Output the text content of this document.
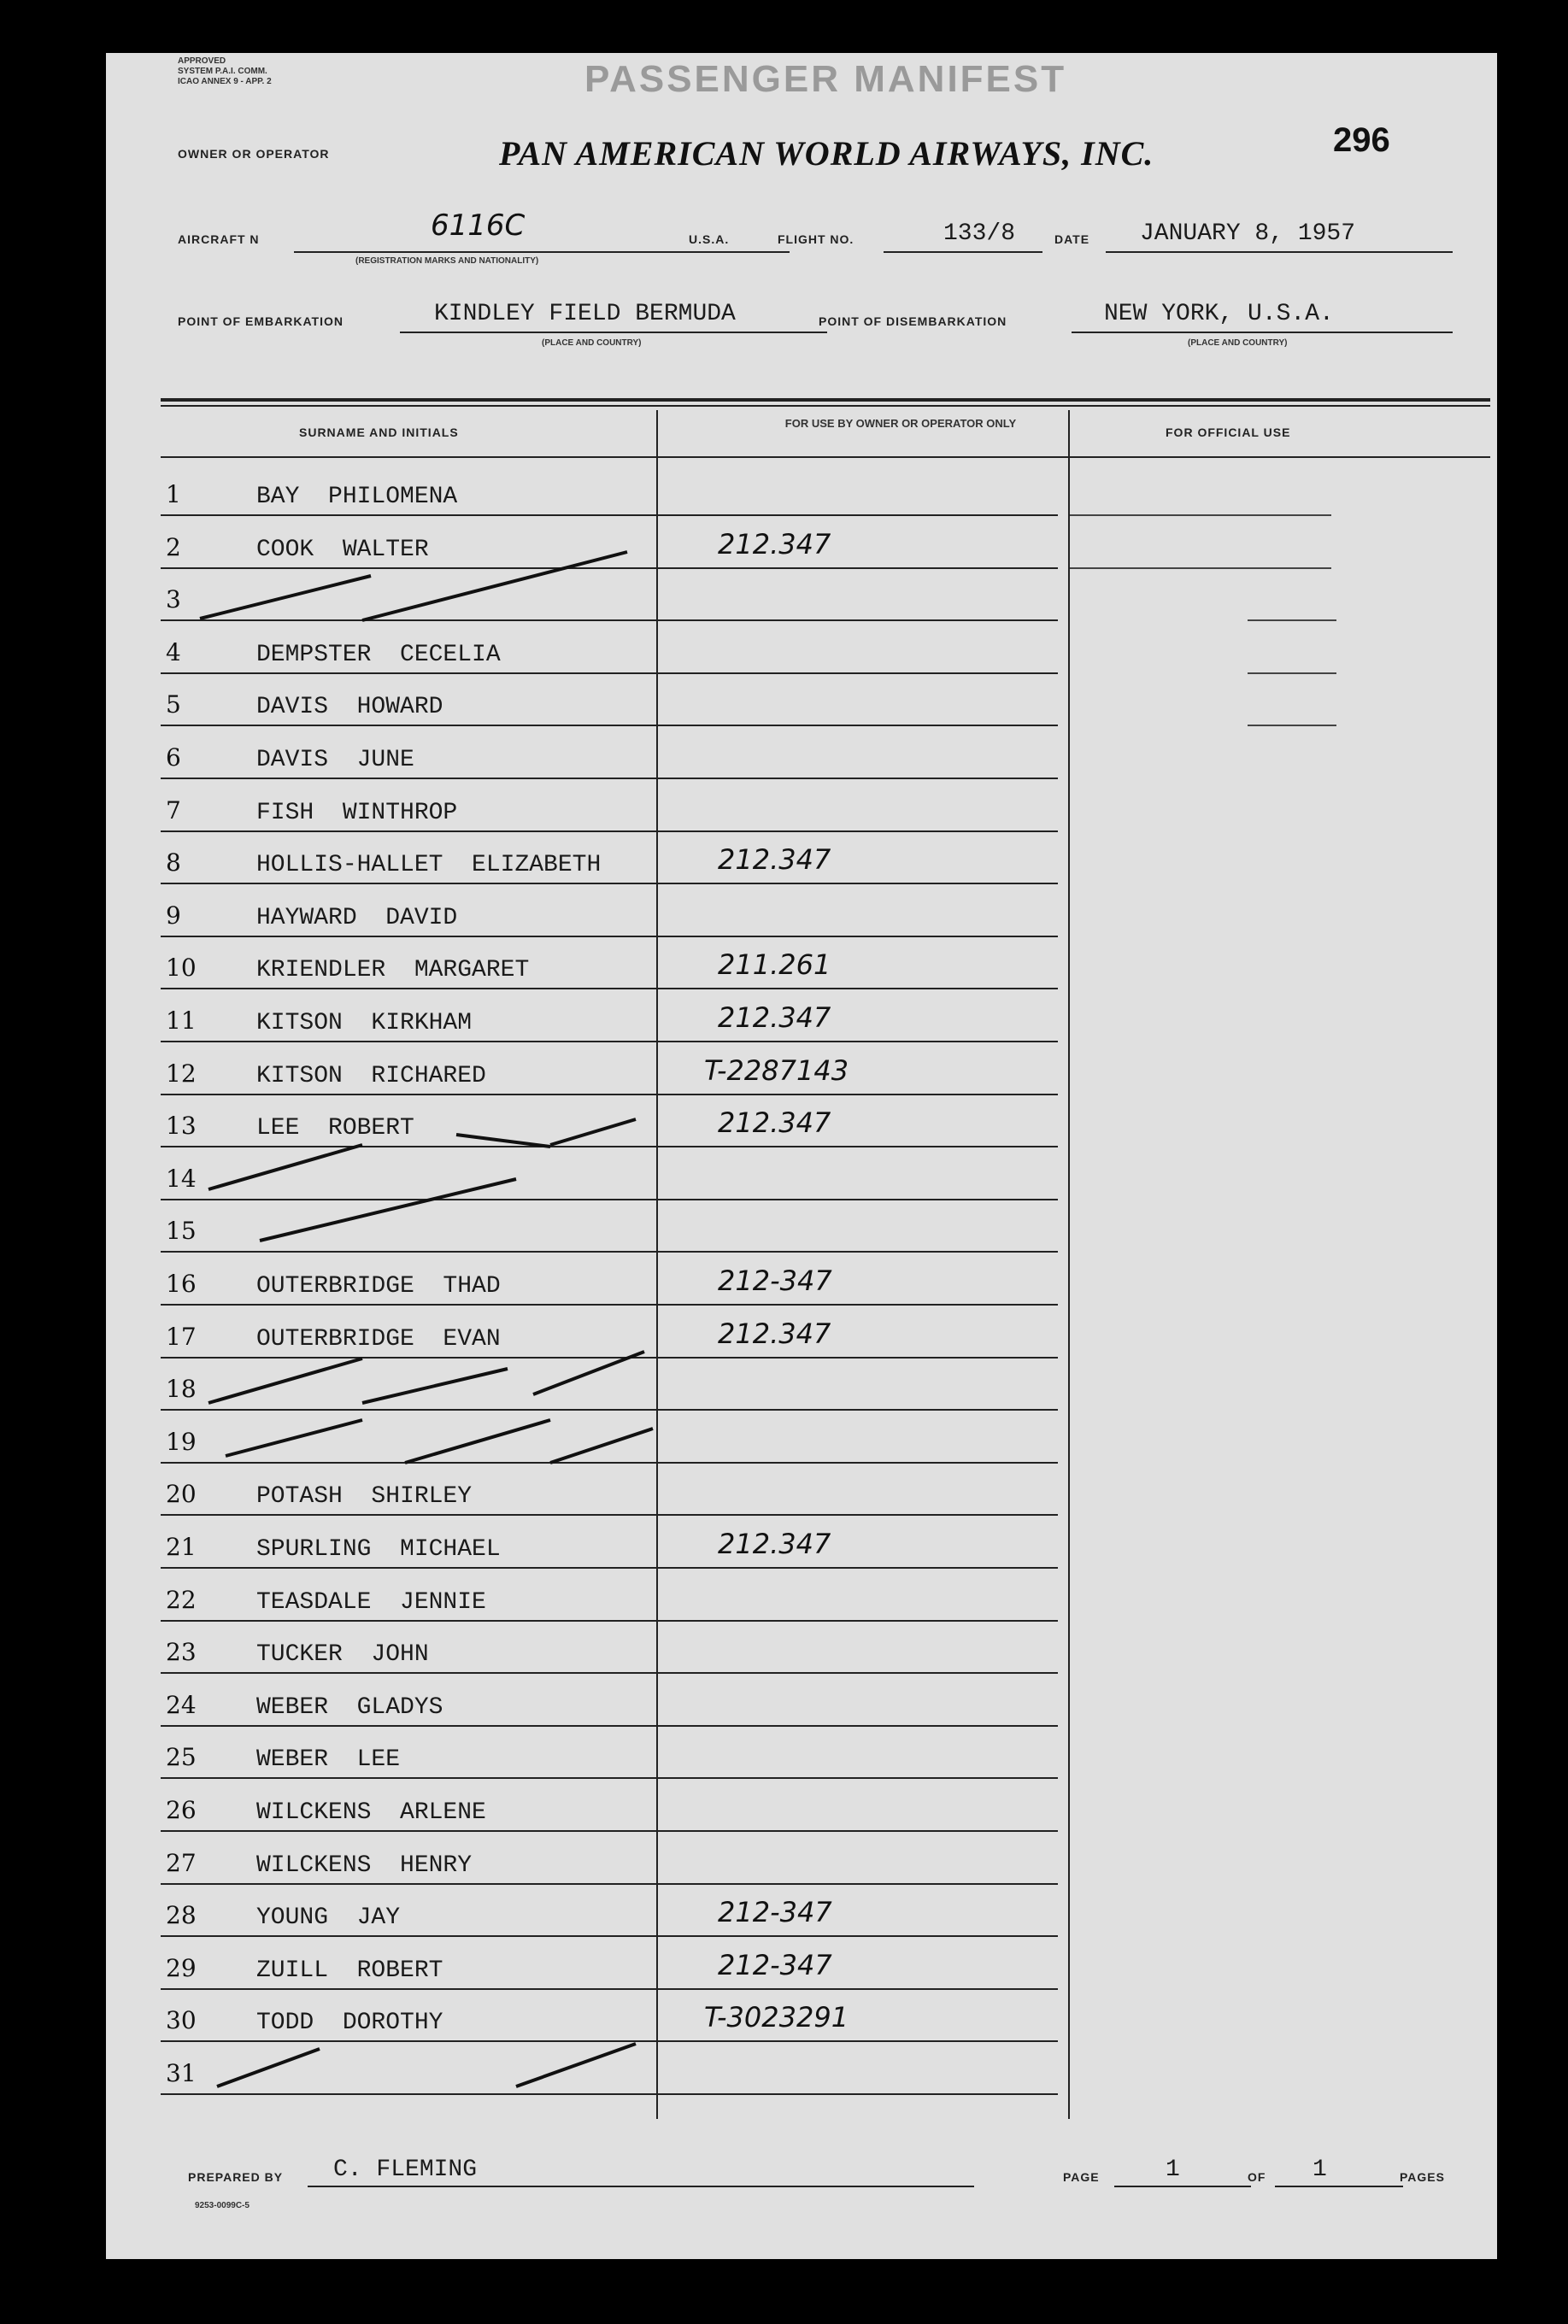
APPROVED
SYSTEM P.A.I. COMM.
ICAO ANNEX 9 - APP. 2	PASSENGER MANIFEST
296
OWNER OR OPERATOR	PAN AMERICAN WORLD AIRWAYS, INC.
AIRCRAFT N	6116C
(REGISTRATION MARKS AND NATIONALITY)
U.S.A.	FLIGHT NO.	133/8	DATE JANUARY 8, 1957
POINT OF EMBARKATION	KINDLEY FIELD BERMUDA
(PLACE AND COUNTRY)
POINT OF DISEMBARKATION	NEW YORK, U.S.A.
(PLACE AND COUNTRY)
SURNAME AND INITIALS
FOR USE BY OWNER OR OPERATOR ONLY
FOR OFFICIAL USE
1	BAY  PHILOMENA
2	COOK  WALTER	212.347
3
4	DEMPSTER  CECELIA
5	DAVIS  HOWARD
6	DAVIS  JUNE
7	FISH  WINTHROP
8	HOLLIS-HALLET  ELIZABETH	212.347
9	HAYWARD  DAVID
10	KRIENDLER  MARGARET	211.261
11	KITSON  KIRKHAM	212.347
12	KITSON  RICHARED	T-2287143
13	LEE  ROBERT	212.347
14
15
16	OUTERBRIDGE  THAD	212-347
17	OUTERBRIDGE  EVAN	212.347
18
19
20	POTASH  SHIRLEY
21	SPURLING  MICHAEL	212.347
22	TEASDALE  JENNIE
23	TUCKER  JOHN
24	WEBER  GLADYS
25	WEBER  LEE
26	WILCKENS  ARLENE
27	WILCKENS  HENRY
28	YOUNG  JAY	212-347
29	ZUILL  ROBERT	212-347
30	TODD  DOROTHY	T-3023291
31
PREPARED BY C. FLEMING	PAGE	1	OF 1	PAGES
9253-0099C-5
